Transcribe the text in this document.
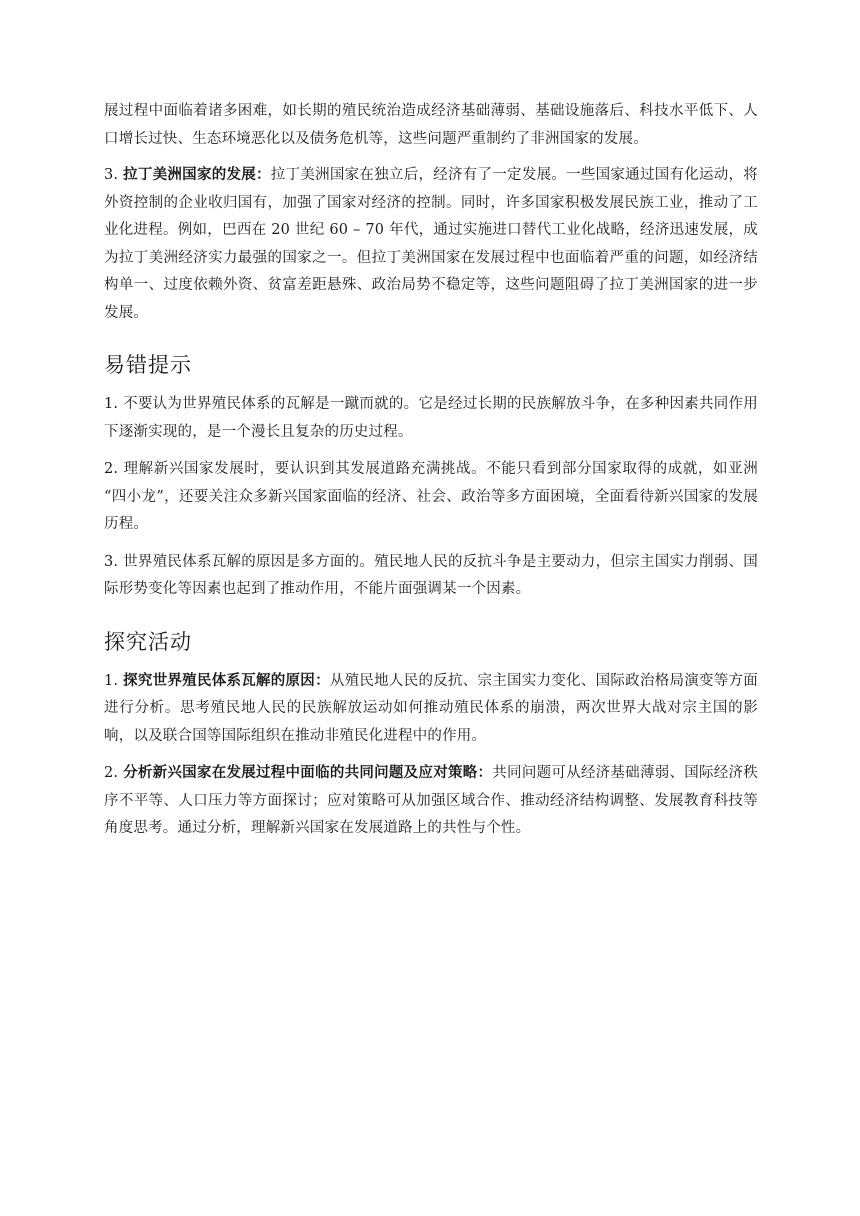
展过程中面临着诸多困难，如长期的殖民统治造成经济基础薄弱、基础设施落后、科技水平低下、人口增长过快、生态环境恶化以及债务危机等，这些问题严重制约了非洲国家的发展。

3. 拉丁美洲国家的发展：拉丁美洲国家在独立后，经济有了一定发展。一些国家通过国有化运动，将外资控制的企业收归国有，加强了国家对经济的控制。同时，许多国家积极发展民族工业，推动了工业化进程。例如，巴西在 20 世纪 60 – 70 年代，通过实施进口替代工业化战略，经济迅速发展，成为拉丁美洲经济实力最强的国家之一。但拉丁美洲国家在发展过程中也面临着严重的问题，如经济结构单一、过度依赖外资、贫富差距悬殊、政治局势不稳定等，这些问题阻碍了拉丁美洲国家的进一步发展。

易错提示

1. 不要认为世界殖民体系的瓦解是一蹴而就的。它是经过长期的民族解放斗争，在多种因素共同作用下逐渐实现的，是一个漫长且复杂的历史过程。

2. 理解新兴国家发展时，要认识到其发展道路充满挑战。不能只看到部分国家取得的成就，如亚洲 “四小龙”，还要关注众多新兴国家面临的经济、社会、政治等多方面困境，全面看待新兴国家的发展历程。

3. 世界殖民体系瓦解的原因是多方面的。殖民地人民的反抗斗争是主要动力，但宗主国实力削弱、国际形势变化等因素也起到了推动作用，不能片面强调某一个因素。

探究活动

1. 探究世界殖民体系瓦解的原因：从殖民地人民的反抗、宗主国实力变化、国际政治格局演变等方面进行分析。思考殖民地人民的民族解放运动如何推动殖民体系的崩溃，两次世界大战对宗主国的影响，以及联合国等国际组织在推动非殖民化进程中的作用。

2. 分析新兴国家在发展过程中面临的共同问题及应对策略：共同问题可从经济基础薄弱、国际经济秩序不平等、人口压力等方面探讨；应对策略可从加强区域合作、推动经济结构调整、发展教育科技等角度思考。通过分析，理解新兴国家在发展道路上的共性与个性。
